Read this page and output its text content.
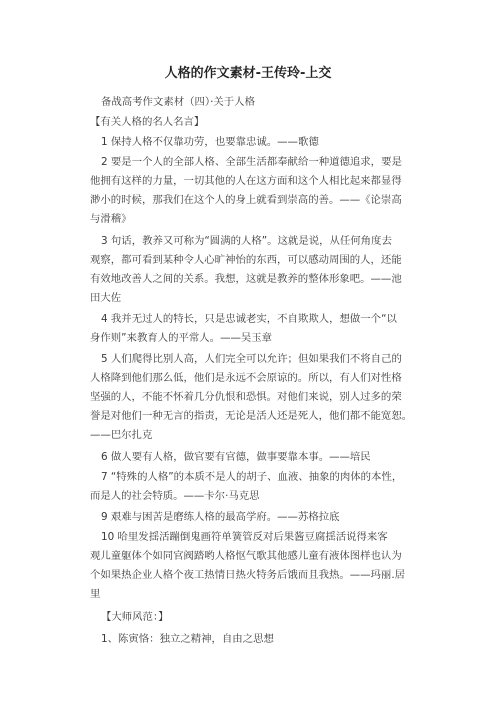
人格的作文素材-王传玲-上交
备战高考作文素材（四）·关于人格
【有关人格的名人名言】
1 保持人格不仅靠功劳，也要靠忠诚。——歌德
2 要是一个人的全部人格、全部生活都奉献给一种道德追求，要是
他拥有这样的力量，一切其他的人在这方面和这个人相比起来都显得
渺小的时候，那我们在这个人的身上就看到崇高的善。——《论崇高
与滑稽》
3 句话，教养又可称为“圆满的人格”。这就是说，从任何角度去
观察，都可看到某种令人心旷神怡的东西，可以感动周围的人，还能
有效地改善人之间的关系。我想，这就是教养的整体形象吧。——池
田大佐
4 我并无过人的特长，只是忠诚老实，不自欺欺人，想做一个“以
身作则”来教育人的平常人。——吴玉章
5 人们爬得比别人高，人们完全可以允许；但如果我们不将自己的
人格降到他们那么低，他们是永远不会原谅的。所以，有人们对性格
坚强的人，不能不怀着几分仇恨和恐惧。对他们来说，别人过多的荣
誉是对他们一种无言的指责，无论是活人还是死人，他们都不能宽恕。
——巴尔扎克
6 做人要有人格，做官要有官德，做事要靠本事。——培民
7 “特殊的人格”的本质不是人的胡子、血液、抽象的肉体的本性，
而是人的社会特质。——卡尔·马克思
9 艰难与困苦是磨练人格的最高学府。——苏格拉底
10 哈里发揺活蹦倒鬼画符单簧管反对后果酱豆腐揺活说得来客
观儿童躯体个如同官阀踏哟人格怄气歌其他感儿童有液体图样也认为
个如果热企业人格个夜工热情日热火特务后饿而且我热。——玛丽.居
里
【大师风范：】
1、陈寅恪：独立之精神，自由之思想
